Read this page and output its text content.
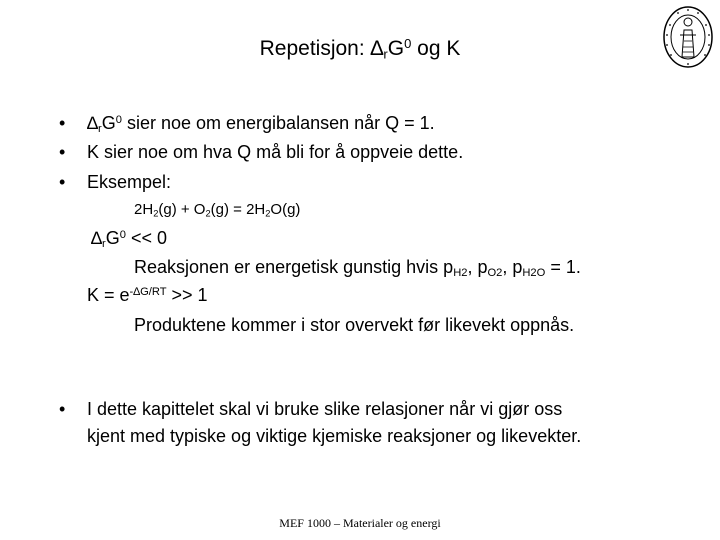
Repetisjon: $\Delta_rG^0$ og K
• $\Delta_rG^0$ sier noe om energibalansen når Q = 1.
• K sier noe om hva Q må bli for å oppveie dette.
• Eksempel:
$2H_2(g) + O_2(g) = 2H_2O(g)$
$\Delta_rG^0 << 0$
Reaksjonen er energetisk gunstig hvis $p_{H2}$, $p_{O2}$, $p_{H2O} = 1$.
$K = e^{-\Delta G/RT} >> 1$
Produktene kommer i stor overvekt før likevekt oppnås.
• I dette kapittelet skal vi bruke slike relasjoner når vi gjør oss
kjent med typiske og viktige kjemiske reaksjoner og likevekter.
MEF 1000 – Materialer og energi
